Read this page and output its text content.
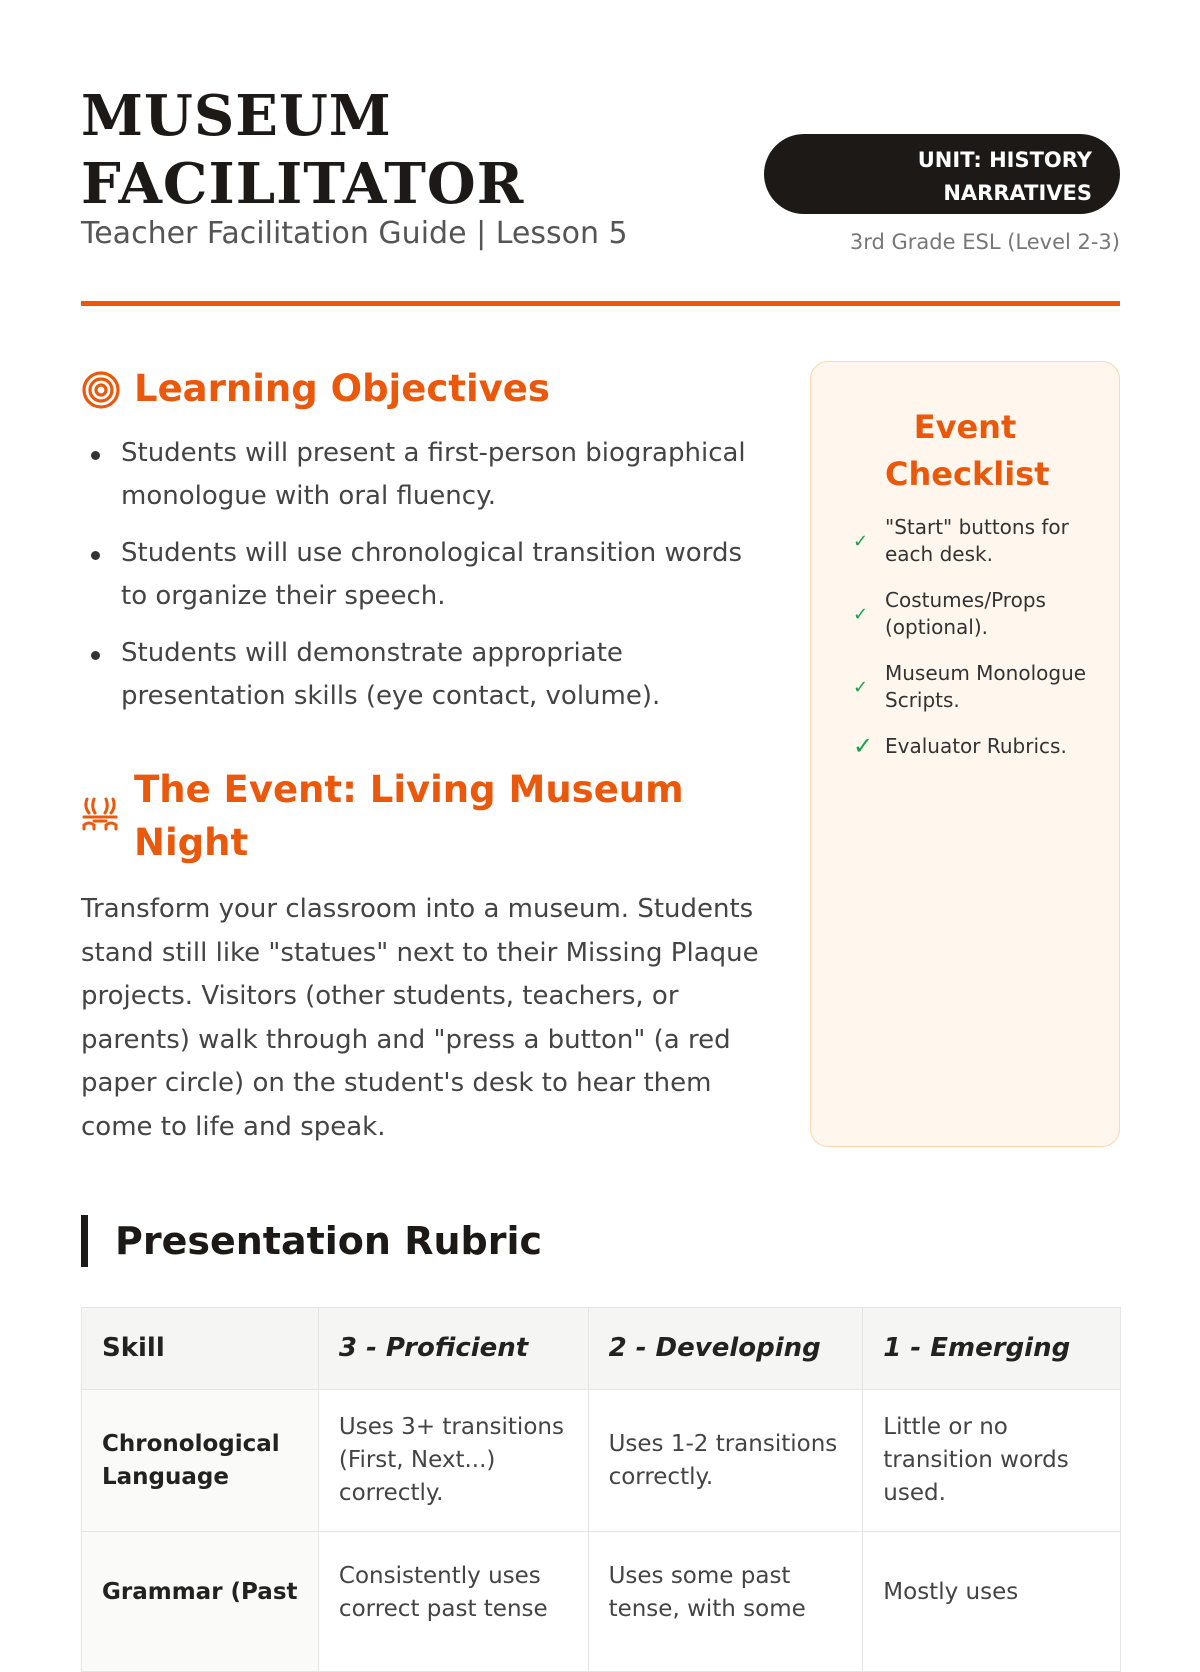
MUSEUM
FACILITATOR
Teacher Facilitation Guide | Lesson 5
UNIT: HISTORY
NARRATIVES
3rd Grade ESL (Level 2-3)
Learning Objectives
Students will present a first-person biographical monologue with oral fluency.
Students will use chronological transition words to organize their speech.
Students will demonstrate appropriate presentation skills (eye contact, volume).
The Event: Living Museum Night
Transform your classroom into a museum. Students stand still like "statues" next to their Missing Plaque projects. Visitors (other students, teachers, or parents) walk through and "press a button" (a red paper circle) on the student's desk to hear them come to life and speak.
Event Checklist
✓
"Start" buttons for each desk.
✓
Costumes/Props (optional).
✓
Museum Monologue Scripts.
✓ Evaluator Rubrics.
Presentation Rubric
Skill	3 - Proficient	2 - Developing	1 - Emerging
Chronological Language	Uses 3+ transitions (First, Next...) correctly.	Uses 1-2 transitions correctly.	Little or no transition words used.
Grammar (Past	Consistently uses correct past tense	Uses some past tense, with some	Mostly uses
